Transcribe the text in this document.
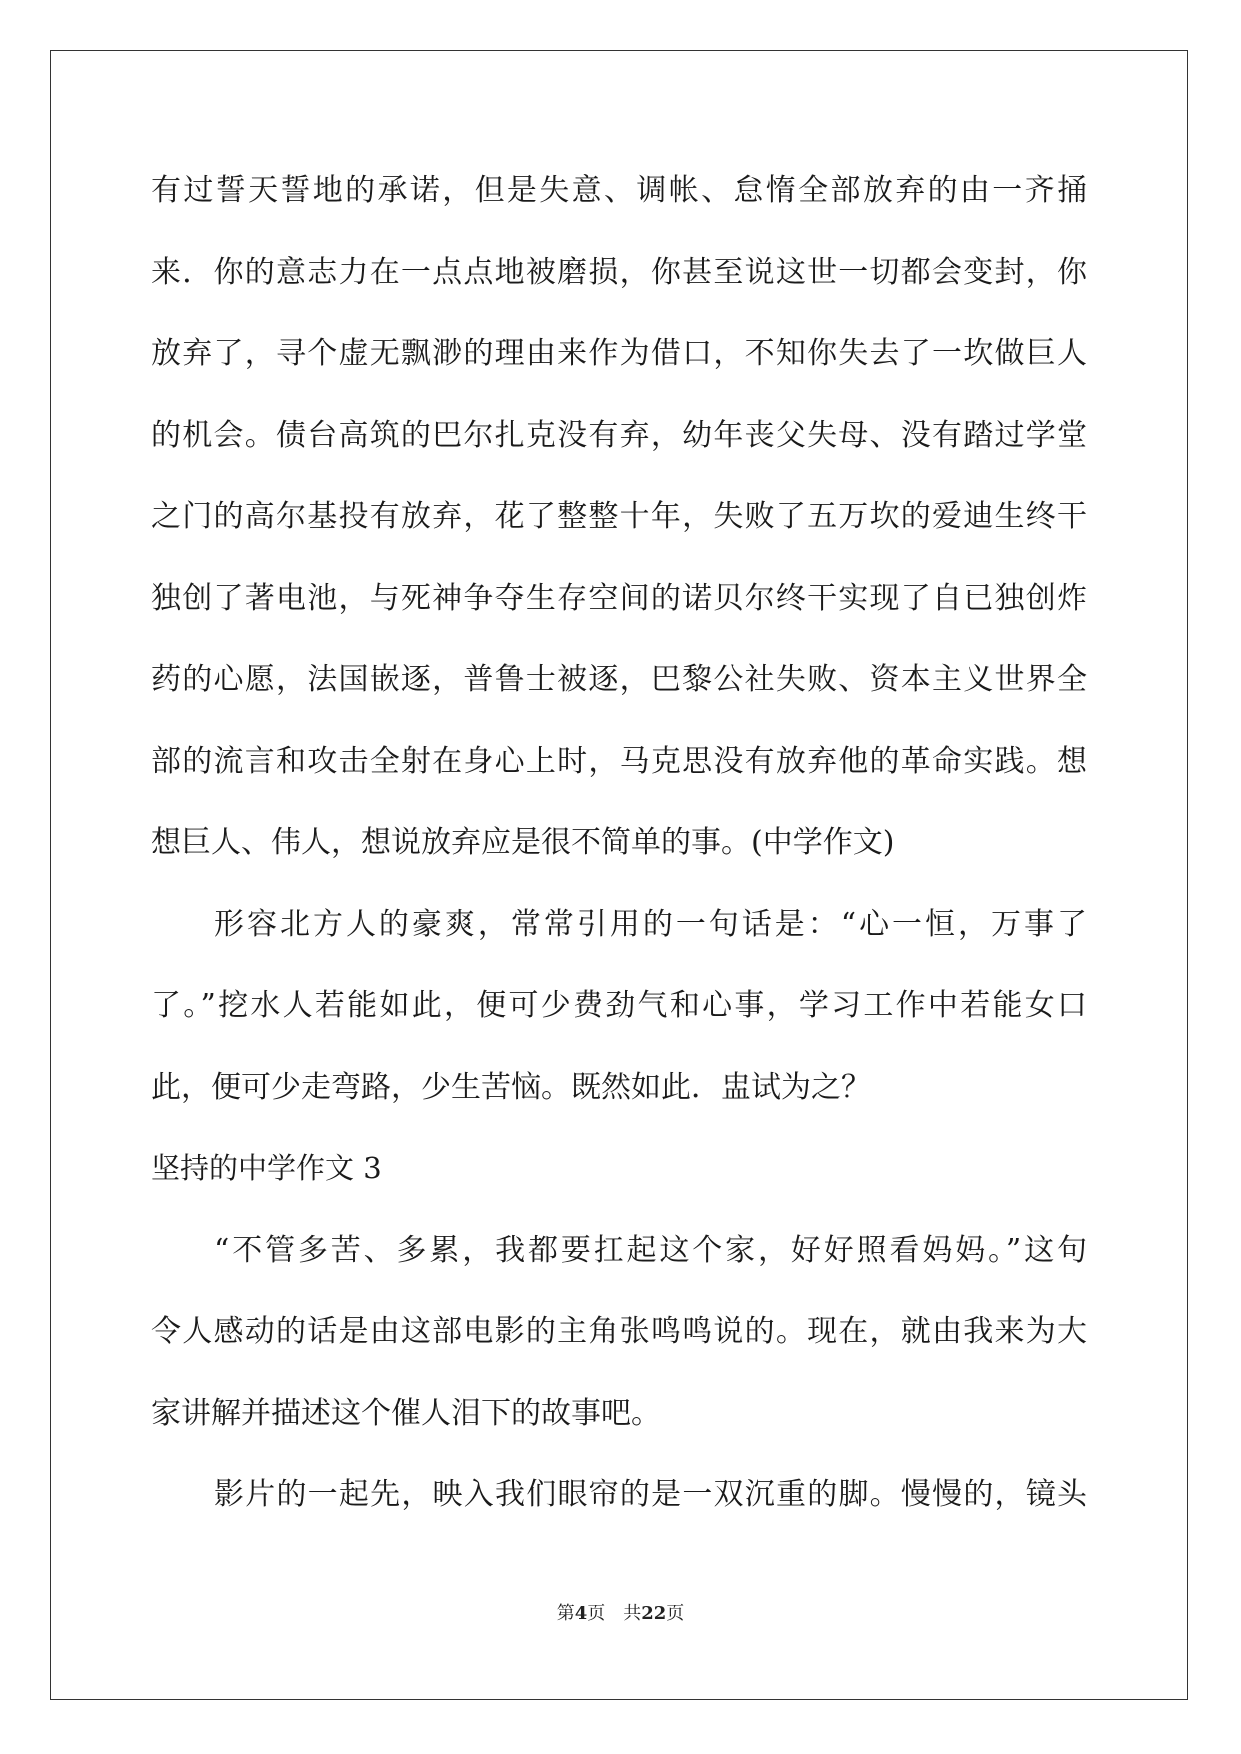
有过誓天誓地的承诺，但是失意、调帐、怠惰全部放弃的由一齐捅
来．你的意志力在一点点地被磨损，你甚至说这世一切都会变封，你
放弃了，寻个虚无飘渺的理由来作为借口，不知你失去了一坎做巨人
的机会。债台高筑的巴尔扎克没有弃，幼年丧父失母、没有踏过学堂
之门的高尔基投有放弃，花了整整十年，失败了五万坎的爱迪生终干
独创了著电池，与死神争夺生存空间的诺贝尔终干实现了自已独创炸
药的心愿，法国嵌逐，普鲁士被逐，巴黎公社失败、资本主义世界全
部的流言和攻击全射在身心上时，马克思没有放弃他的革命实践。想
想巨人、伟人，想说放弃应是很不简单的事。(中学作文)
形容北方人的豪爽，常常引用的一句话是：“心一恒，万事了
了。”挖水人若能如此，便可少费劲气和心事，学习工作中若能女口
此，便可少走弯路，少生苦恼。既然如此．盅试为之？
坚持的中学作文 3
“不管多苦、多累，我都要扛起这个家，好好照看妈妈。”这句
令人感动的话是由这部电影的主角张鸣鸣说的。现在，就由我来为大
家讲解并描述这个催人泪下的故事吧。
影片的一起先，映入我们眼帘的是一双沉重的脚。慢慢的，镜头
第4页 共22页
